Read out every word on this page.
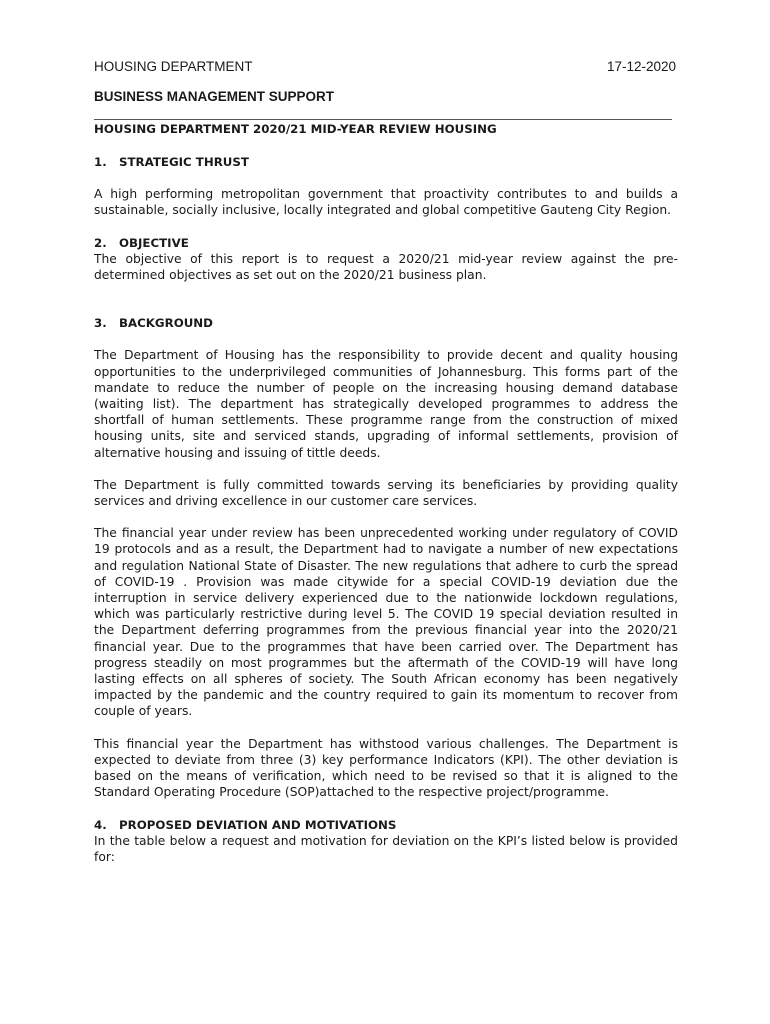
HOUSING DEPARTMENT	17-12-2020
BUSINESS MANAGEMENT SUPPORT
HOUSING DEPARTMENT 2020/21 MID-YEAR REVIEW HOUSING

1.   STRATEGIC THRUST

A high performing metropolitan government that proactivity contributes to and builds a sustainable, socially inclusive, locally integrated and global competitive Gauteng City Region.

2.   OBJECTIVE

The objective of this report is to request a 2020/21 mid-year review against the pre-determined objectives as set out on the 2020/21 business plan.

3.   BACKGROUND

The Department of Housing has the responsibility to provide decent and quality housing opportunities to the underprivileged communities of Johannesburg. This forms part of the mandate to reduce the number of people on the increasing housing demand database (waiting list). The department has strategically developed programmes to address the shortfall of human settlements. These programme range from the construction of mixed housing units, site and serviced stands, upgrading of informal settlements, provision of alternative housing and issuing of tittle deeds.

The Department is fully committed towards serving its beneficiaries by providing quality services and driving excellence in our customer care services.

The financial year under review has been unprecedented working under regulatory of COVID 19 protocols and as a result, the Department had to navigate a number of new expectations and regulation National State of Disaster. The new regulations that adhere to curb the spread of COVID-19 . Provision was made citywide for a special COVID-19 deviation due the interruption in service delivery experienced due to the nationwide lockdown regulations, which was particularly restrictive during level 5. The COVID 19 special deviation resulted in the Department deferring programmes from the previous financial year into the 2020/21 financial year. Due to the programmes that have been carried over. The Department has progress steadily on most programmes but the aftermath of the COVID-19 will have long lasting effects on all spheres of society. The South African economy has been negatively impacted by the pandemic and the country required to gain its momentum to recover from couple of years.

This financial year the Department has withstood various challenges. The Department is expected to deviate from three (3) key performance Indicators (KPI). The other deviation is based on the means of verification, which need to be revised so that it is aligned to the Standard Operating Procedure (SOP)attached to the respective project/programme.

4.   PROPOSED DEVIATION AND MOTIVATIONS

In the table below a request and motivation for deviation on the KPI’s listed below is provided for:
